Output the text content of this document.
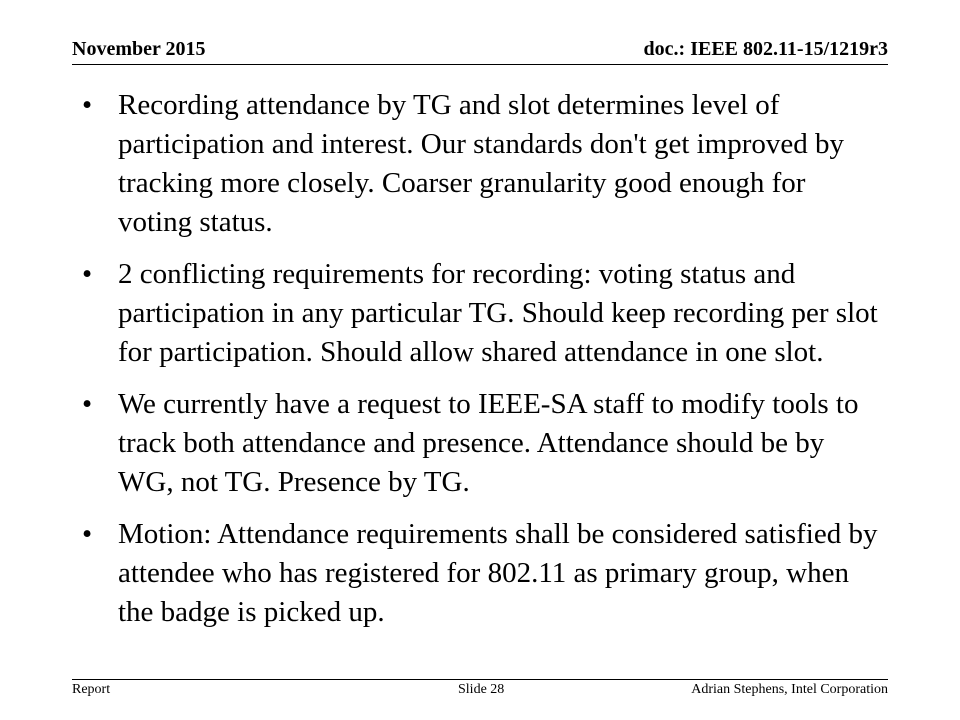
November 2015	doc.: IEEE 802.11-15/1219r3
• Recording attendance by TG and slot determines level of participation and interest. Our standards don't get improved by tracking more closely. Coarser granularity good enough for voting status.
• 2 conflicting requirements for recording: voting status and participation in any particular TG. Should keep recording per slot for participation. Should allow shared attendance in one slot.
• We currently have a request to IEEE-SA staff to modify tools to track both attendance and presence. Attendance should be by WG, not TG. Presence by TG.
• Motion: Attendance requirements shall be considered satisfied by attendee who has registered for 802.11 as primary group, when the badge is picked up.
Report	Slide 28	Adrian Stephens, Intel Corporation
